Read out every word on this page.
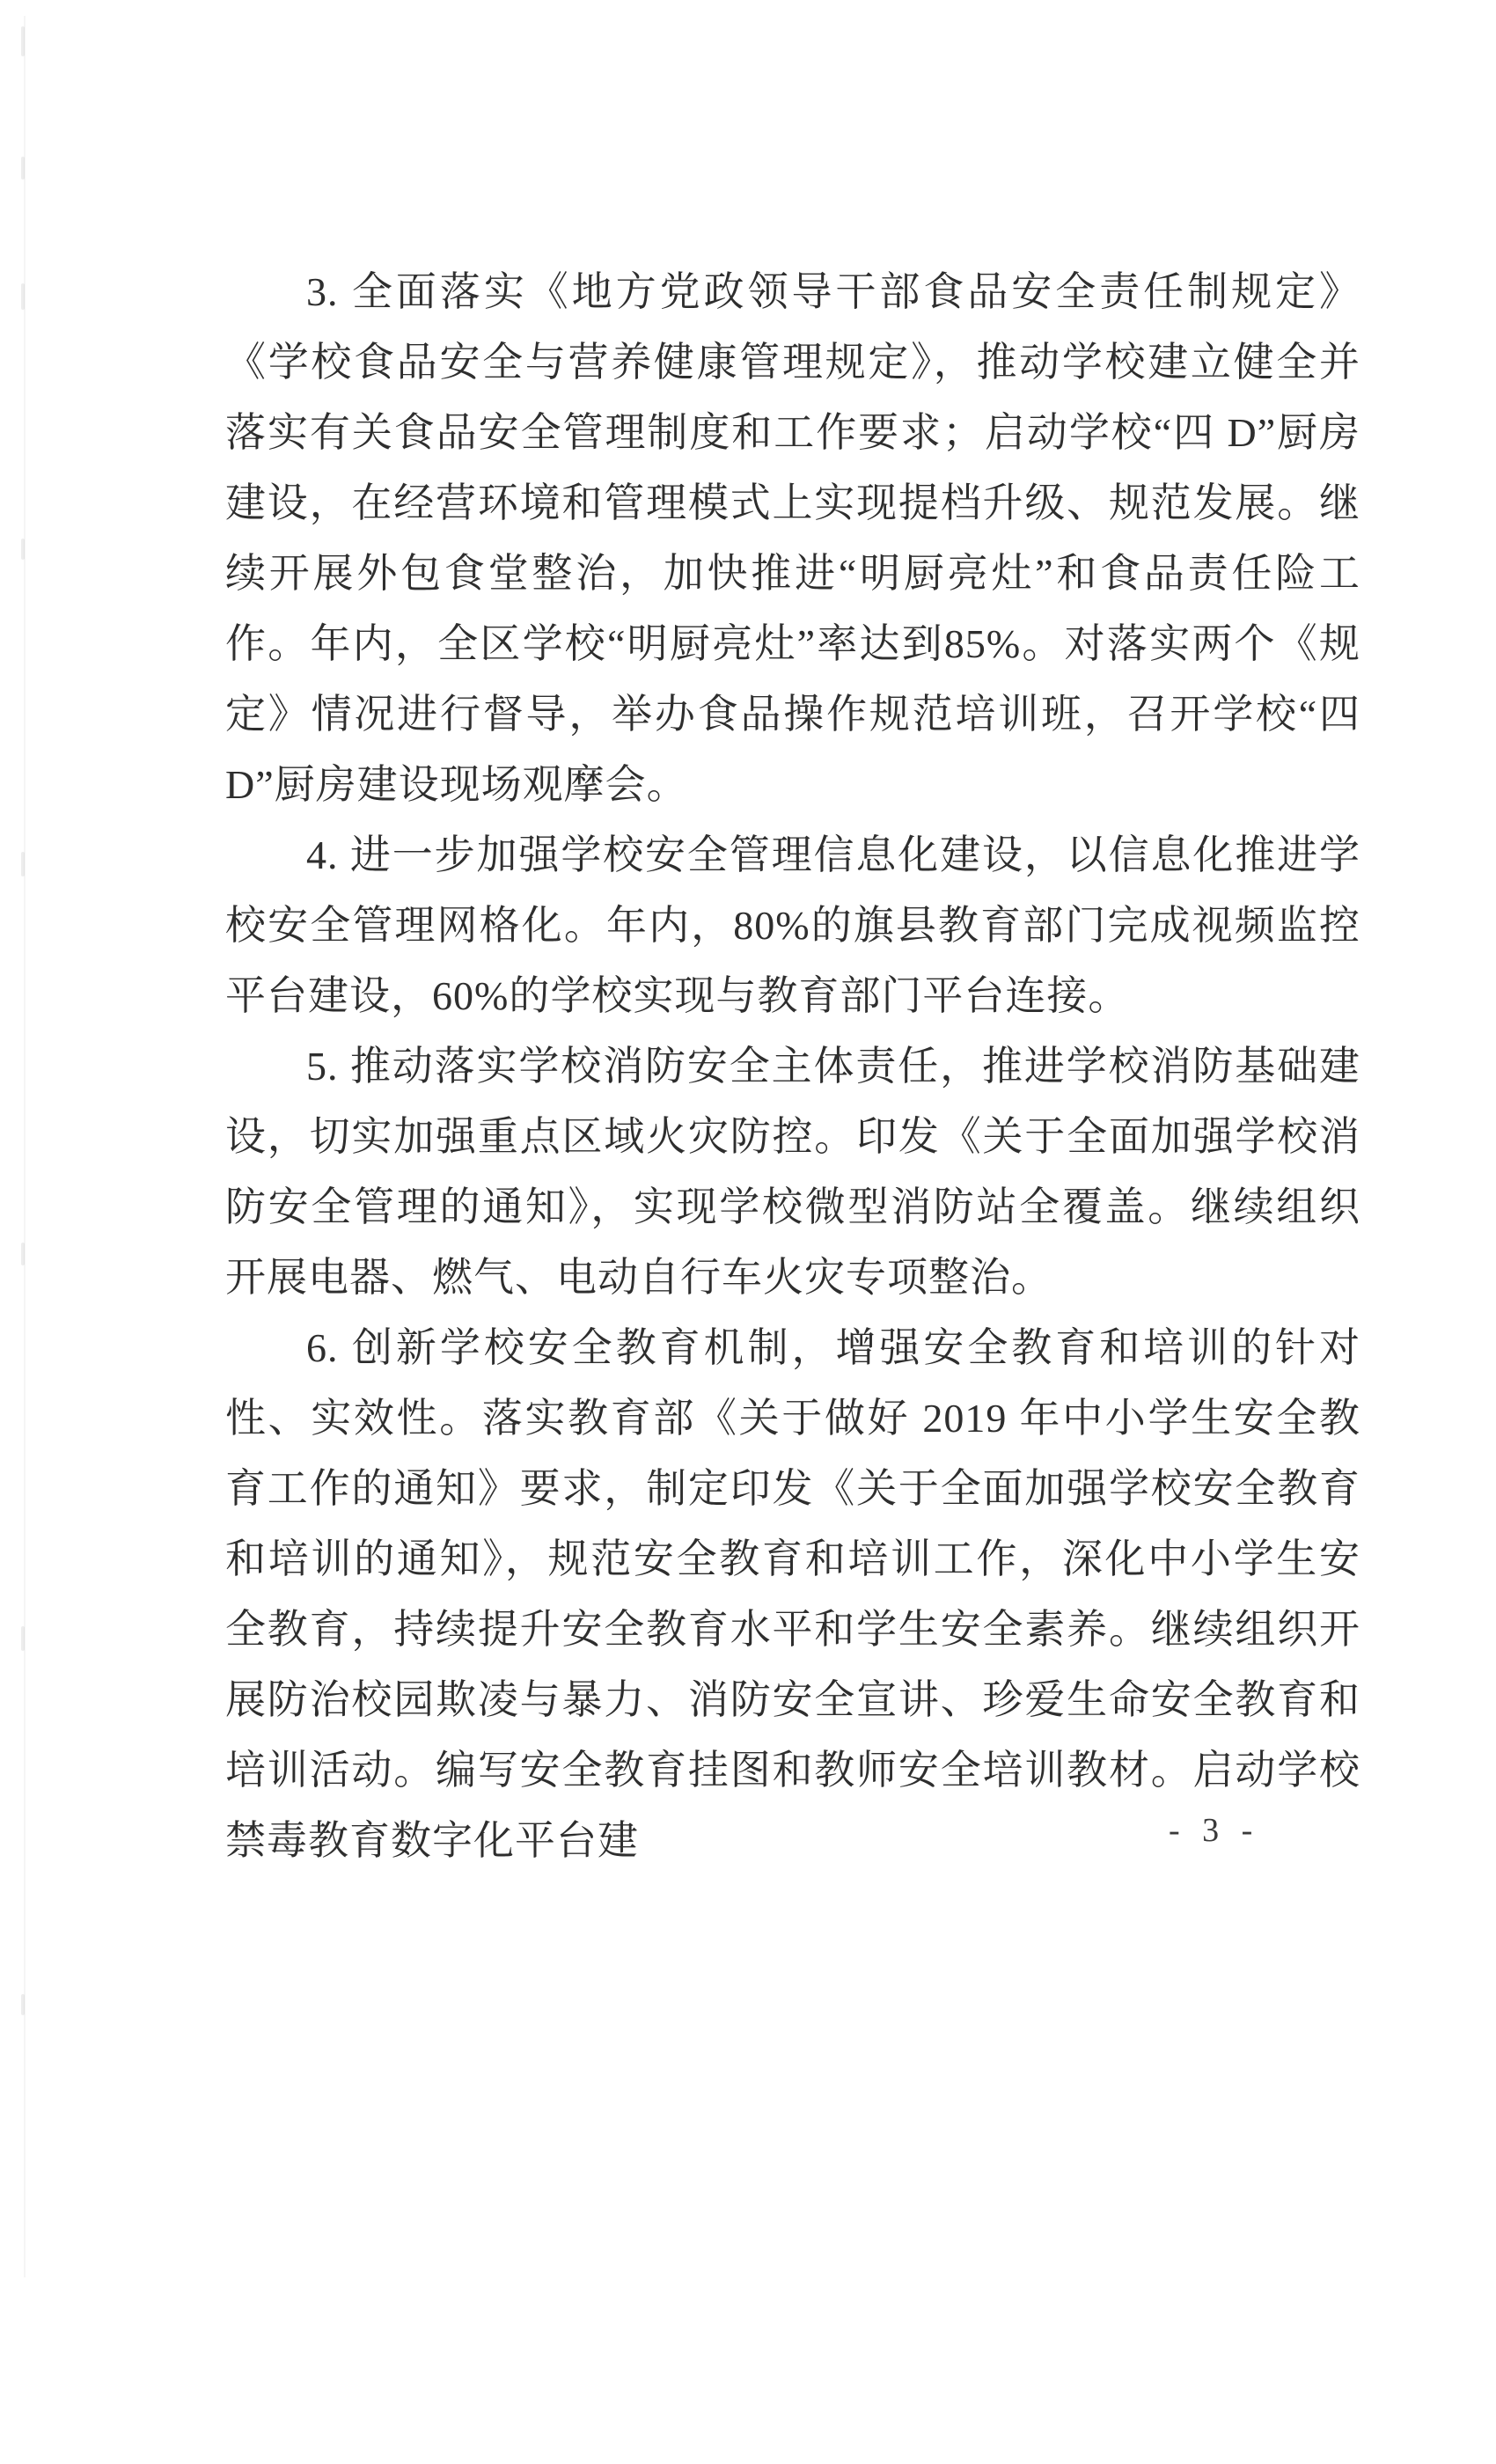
3. 全面落实《地方党政领导干部食品安全责任制规定》《学校食品安全与营养健康管理规定》，推动学校建立健全并落实有关食品安全管理制度和工作要求；启动学校“四 D”厨房建设，在经营环境和管理模式上实现提档升级、规范发展。继续开展外包食堂整治，加快推进“明厨亮灶”和食品责任险工作。年内，全区学校“明厨亮灶”率达到85%。对落实两个《规定》情况进行督导，举办食品操作规范培训班，召开学校“四D”厨房建设现场观摩会。

4. 进一步加强学校安全管理信息化建设，以信息化推进学校安全管理网格化。年内，80%的旗县教育部门完成视频监控平台建设，60%的学校实现与教育部门平台连接。

5. 推动落实学校消防安全主体责任，推进学校消防基础建设，切实加强重点区域火灾防控。印发《关于全面加强学校消防安全管理的通知》，实现学校微型消防站全覆盖。继续组织开展电器、燃气、电动自行车火灾专项整治。

6. 创新学校安全教育机制，增强安全教育和培训的针对性、实效性。落实教育部《关于做好 2019 年中小学生安全教育工作的通知》要求，制定印发《关于全面加强学校安全教育和培训的通知》，规范安全教育和培训工作，深化中小学生安全教育，持续提升安全教育水平和学生安全素养。继续组织开展防治校园欺凌与暴力、消防安全宣讲、珍爱生命安全教育和培训活动。编写安全教育挂图和教师安全培训教材。启动学校禁毒教育数字化平台建	- 3 -
